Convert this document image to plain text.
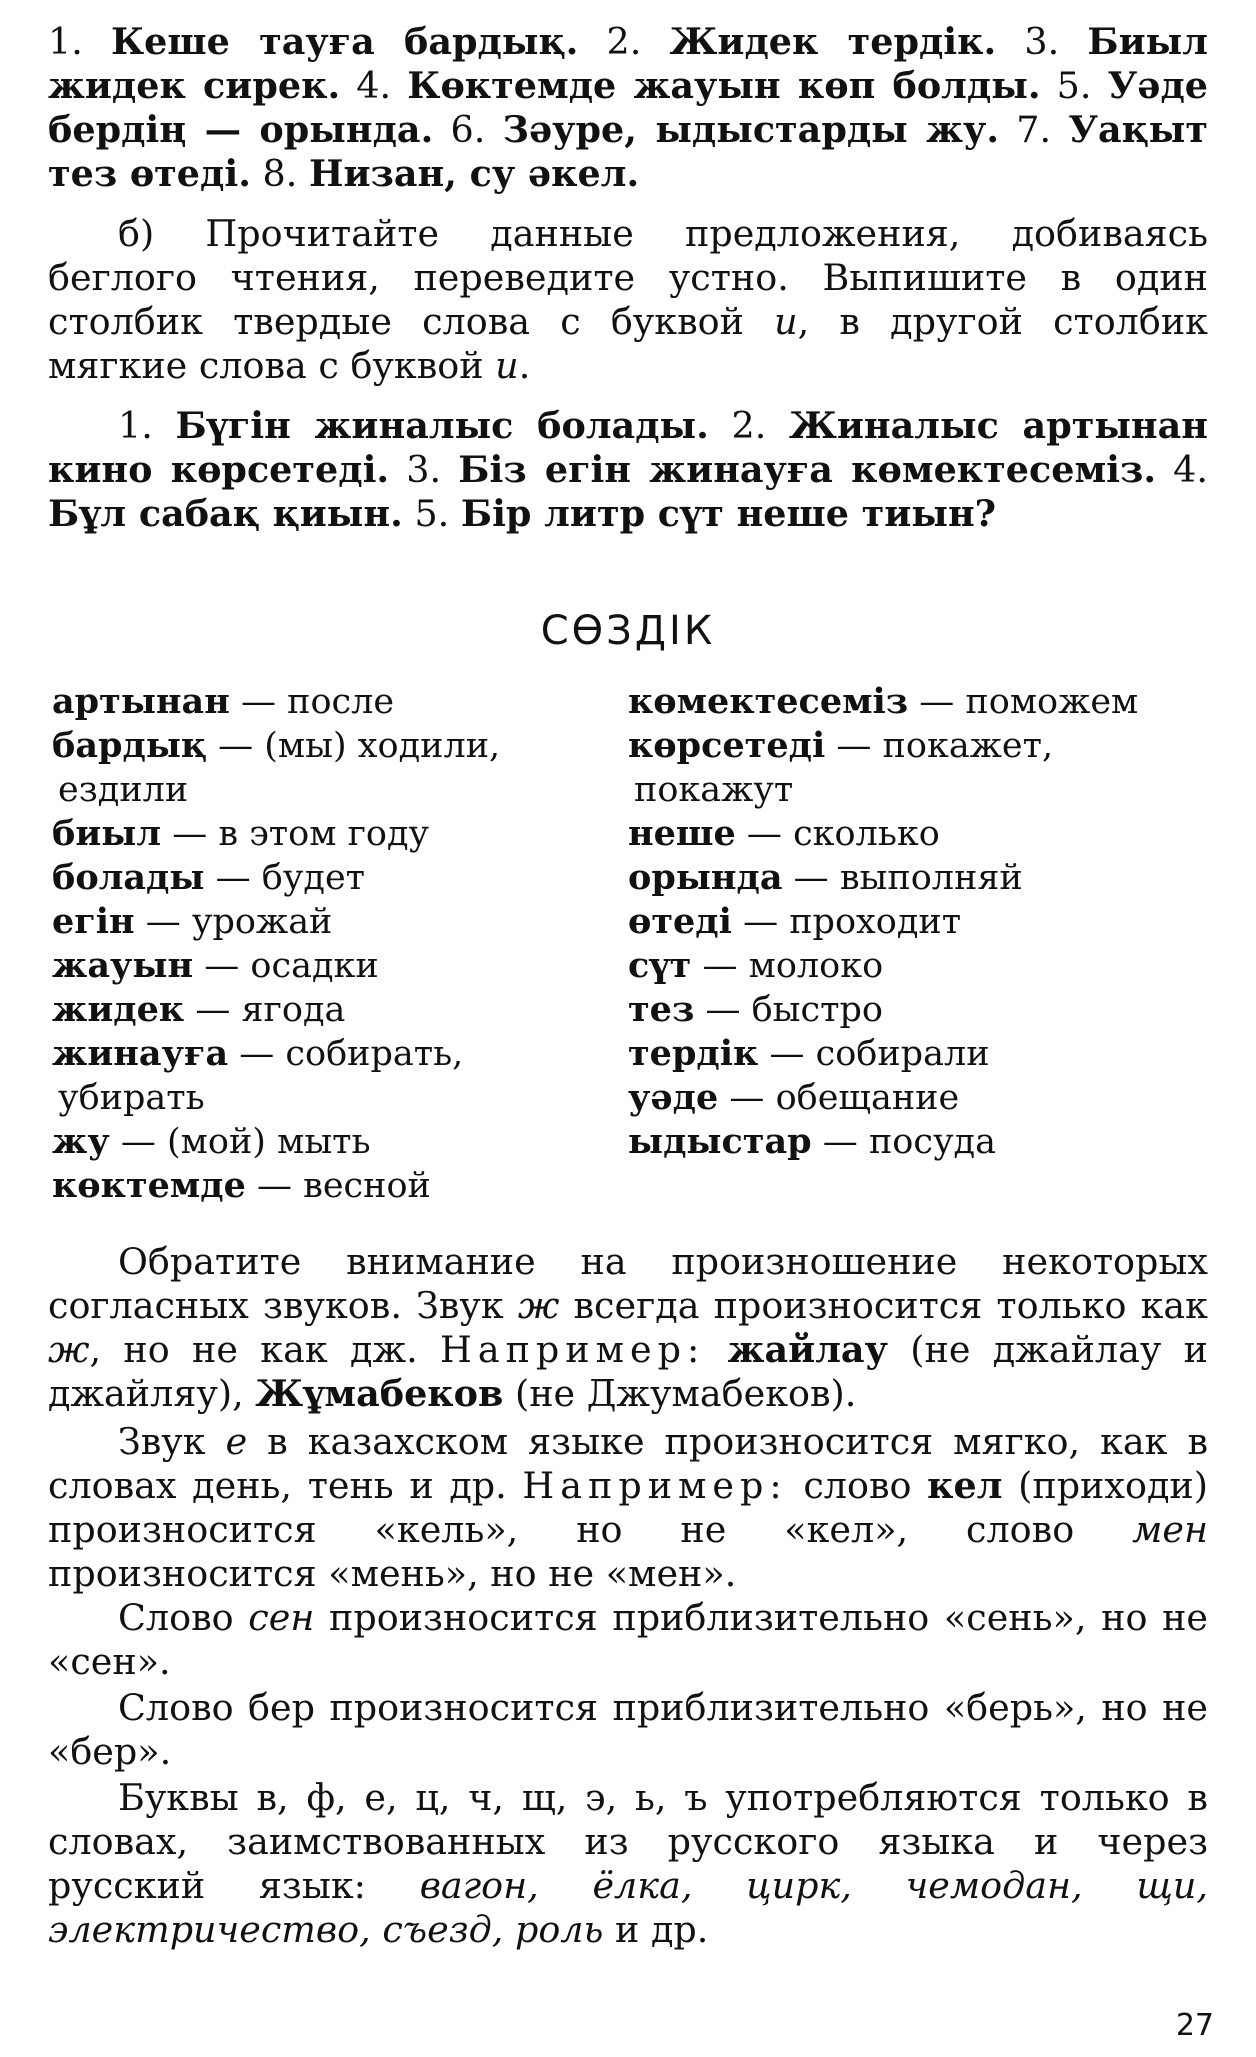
1. Кеше тауға бардық. 2. Жидек тердік. 3. Биыл жидек сирек. 4. Көктемде жауын көп болды. 5. Уәде бердің — орында. 6. Зәуре, ыдыстарды жу. 7. Уақыт тез өтеді. 8. Низан, су әкел.
б) Прочитайте данные предложения, добиваясь беглого чтения, переведите устно. Выпишите в один столбик твердые слова с буквой и, в другой столбик мягкие слова с буквой и.
1. Бүгін жиналыс болады. 2. Жиналыс артынан кино көрсетеді. 3. Біз егін жинауға көмектесеміз. 4. Бұл сабақ қиын. 5. Бір литр сүт неше тиын?
СӨЗДІК
артынан — после
бардық — (мы) ходили,
ездили
биыл — в этом году
болады — будет
егін — урожай
жауын — осадки
жидек — ягода
жинауға — собирать,
убирать
жу — (мой) мыть
көктемде — весной
көмектесеміз — поможем
көрсетеді — покажет,
покажут
неше — сколько
орында — выполняй
өтеді — проходит
сүт — молоко
тез — быстро
тердік — собирали
уәде — обещание
ыдыстар — посуда
Обратите внимание на произношение некоторых согласных звуков. Звук ж всегда произносится только как ж, но не как дж. Например: жайлау (не джайлау и джайляу), Жұмабеков (не Джумабеков).
Звук е в казахском языке произносится мягко, как в словах день, тень и др. Например: слово кел (приходи) произносится «кель», но не «кел», слово мен произносится «мень», но не «мен».
Слово сен произносится приблизительно «сень», но не «сен».
Слово бер произносится приблизительно «берь», но не «бер».
Буквы в, ф, е, ц, ч, щ, э, ь, ъ употребляются только в словах, заимствованных из русского языка и через русский язык: вагон, ёлка, цирк, чемодан, щи, электричество, съезд, роль и др.
27
